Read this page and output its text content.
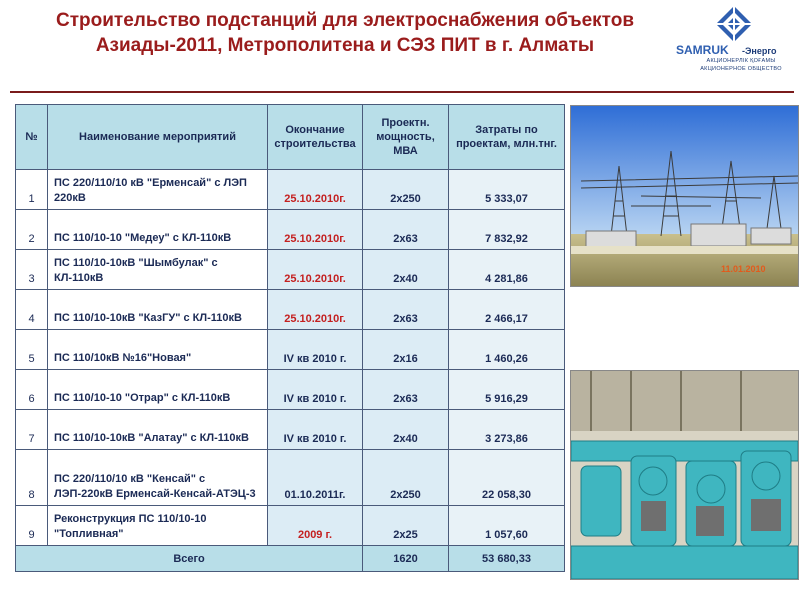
Строительство подстанций для электроснабжения объектов Азиады-2011, Метрополитена и СЭЗ ПИТ в г. Алматы	SAMRUK -Энерго
АКЦИОНЕРЛІК ҚОҒАМЫ
АКЦИОНЕРНОЕ ОБЩЕСТВО
№	Наименование мероприятий	Окончание строительства	Проектн. мощность, МВА	Затраты по проектам, млн.тнг.
1	ПС 220/110/10 кВ "Ерменсай" с ЛЭП 220кВ	25.10.2010г.	2х250	5 333,07
2	ПС 110/10-10 "Медеу" с КЛ-110кВ	25.10.2010г.	2х63	7 832,92
3	ПС 110/10-10кВ "Шымбулак" с КЛ-110кВ	25.10.2010г.	2х40	4 281,86
4	ПС 110/10-10кВ "КазГУ" с КЛ-110кВ	25.10.2010г.	2х63	2 466,17
5	ПС 110/10кВ №16"Новая"	IV кв 2010 г.	2х16	1 460,26
6	ПС 110/10-10 "Отрар" с КЛ-110кВ	IV кв 2010 г.	2х63	5 916,29
7	ПС 110/10-10кВ "Алатау" с КЛ-110кВ	IV кв 2010 г.	2х40	3 273,86
8	ПС 220/110/10 кВ "Кенсай" с ЛЭП-220кВ Ерменсай-Кенсай-АТЭЦ-3	01.10.2011г.	2х250	22 058,30
9	Реконструкция ПС 110/10-10 "Топливная"	2009 г.	2х25	1 057,60
Всего			1620	53 680,33
11.01.2010
